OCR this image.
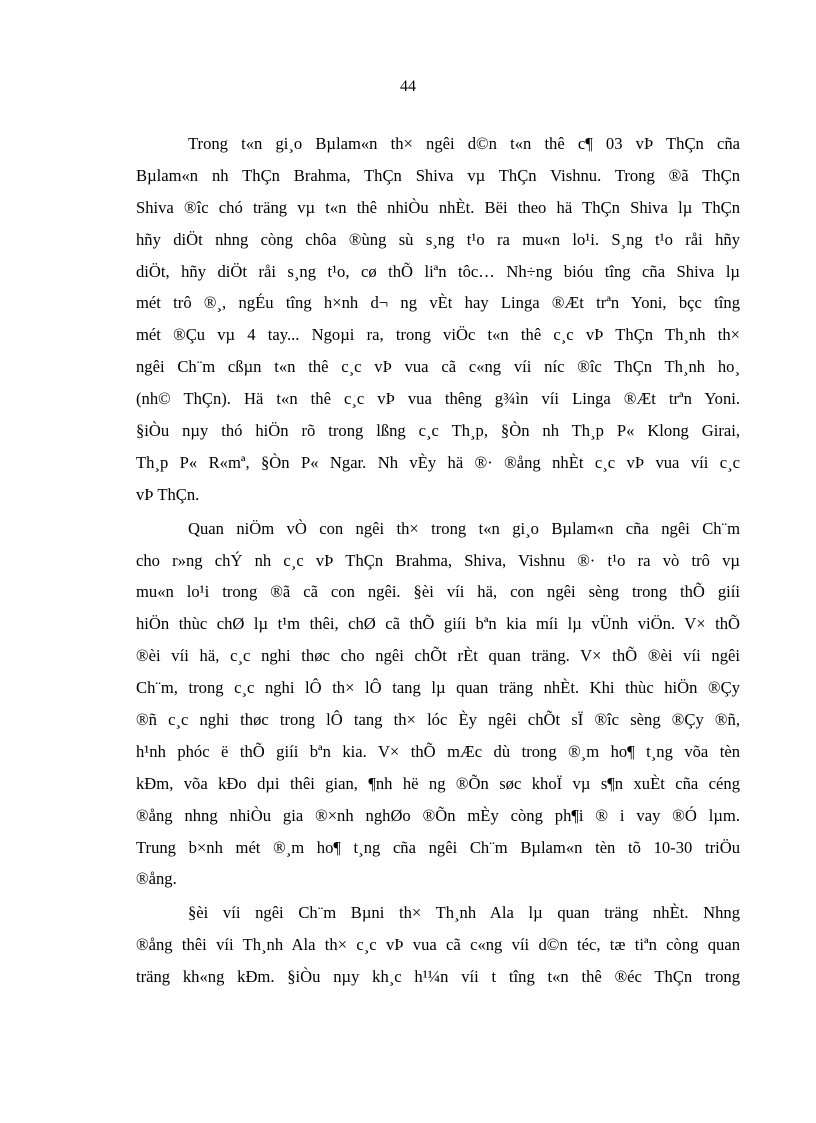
44
Trong t«n gi¸o Bµlam«n th× ngêi d©n t«n thê c¶ 03 vÞ ThÇn cña
Bµlam«n nh ThÇn Brahma, ThÇn Shiva vµ ThÇn Vishnu. Trong ®ã ThÇn
Shiva ®îc chó träng vµ t«n thê nhiÒu nhÈt. Bëi theo hä ThÇn Shiva lµ ThÇn
hñy diÖt nhng còng chôa ®ùng sù s¸ng t¹o ra mu«n lo¹i. S¸ng t¹o råi hñy
diÖt, hñy diÖt råi s¸ng t¹o, cø thÕ liªn tôc… Nh÷ng bióu tîng cña Shiva lµ
mét trô ®¸, ngÉu tîng h×nh d¬ ng vÈt hay Linga ®Æt trªn Yoni, bçc tîng
mét ®Çu vµ 4 tay... Ngoµi ra, trong viÖc t«n thê c¸c vÞ ThÇn Th¸nh th×
ngêi Ch¨m cßµn t«n thê c¸c vÞ vua cã c«ng víi níc ®îc ThÇn Th¸nh ho¸
(nh© ThÇn). Hä t«n thê c¸c vÞ vua thêng g¾ìn víi Linga ®Æt trªn Yoni.
§iÒu nµy thó hiÖn rõ trong lßng c¸c Th¸p, §Òn nh Th¸p P« Klong Girai,
Th¸p P« R«mª, §Òn P« Ngar. Nh vÈy hä ®· ®ång nhÈt c¸c vÞ vua víi c¸c
vÞ ThÇn.
Quan niÖm vÒ con ngêi th× trong t«n gi¸o Bµlam«n cña ngêi Ch¨m
cho r»ng chÝ nh c¸c vÞ ThÇn Brahma, Shiva, Vishnu ®· t¹o ra vò trô vµ
mu«n lo¹i trong ®ã cã con ngêi. §èi víi hä, con ngêi sèng trong thÕ giíi
hiÖn thùc chØ lµ t¹m thêi, chØ cã thÕ giíi bªn kia míi lµ vÜnh viÖn. V× thÕ
®èi víi hä, c¸c nghi thøc cho ngêi chÕt rÈt quan träng. V× thÕ ®èi víi ngêi
Ch¨m, trong c¸c nghi lÔ th× lÔ tang lµ quan träng nhÈt. Khi thùc hiÖn ®Çy
®ñ c¸c nghi thøc trong lÔ tang th× lóc Èy ngêi chÕt sÏ ®îc sèng ®Çy ®ñ,
h¹nh phóc ë thÕ giíi bªn kia. V× thÕ mÆc dù trong ®¸m ho¶ t¸ng võa tèn
kÐm, võa kÐo dµi thêi gian, ¶nh hë ng ®Õn søc khoÏ vµ s¶n xuÈt cña céng
®ång nhng nhiÒu gia ®×nh nghØo ®Õn mÈy còng ph¶i ® i vay ®Ó lµm.
Trung b×nh mét ®¸m ho¶ t¸ng cña ngêi Ch¨m Bµlam«n tèn tõ 10-30 triÖu
®ång.
§èi víi ngêi Ch¨m Bµni th× Th¸nh Ala lµ quan träng nhÈt. Nhng
®ång thêi víi Th¸nh Ala th× c¸c vÞ vua cã c«ng víi d©n téc, tæ tiªn còng quan
träng kh«ng kÐm. §iÒu nµy kh¸c h¹¼n víi t tîng t«n thê ®éc ThÇn trong
